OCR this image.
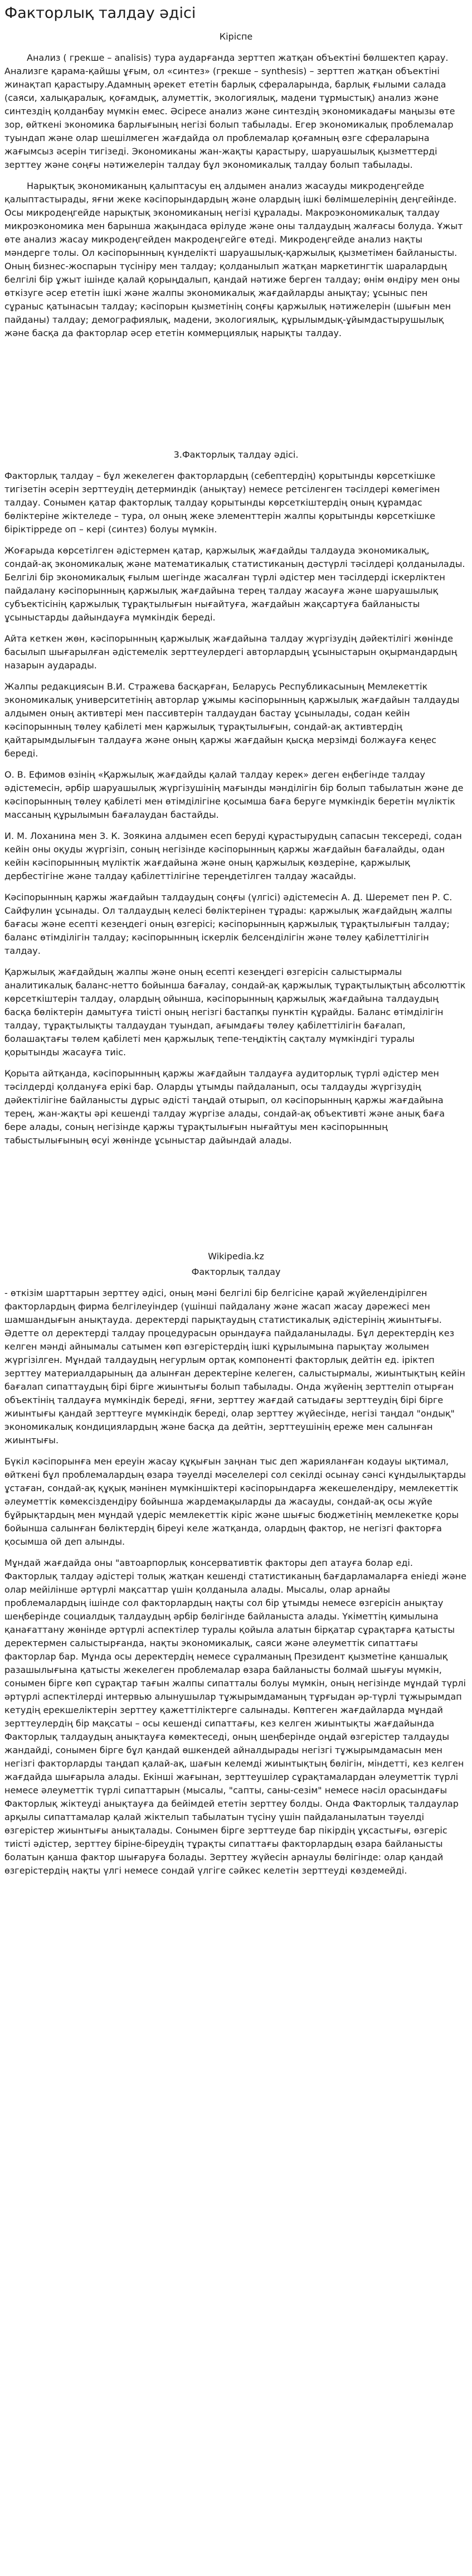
Факторлық талдау әдісі

Кіріспе

Анализ ( грекше – analisis) тура аударғанда зерттеп жатқан объектіні бөлшектеп қарау. Анализге қарама-қайшы ұғым, ол «синтез» (грекше – synthesis) – зерттеп жатқан объектіні жинақтап қарастыру.Адамның әрекет ететін барлық сфераларында, барлық ғылыми салада (саяси, халықаралық, қоғамдық, алуметтік, экологиялық, мадени тұрмыстық) анализ және синтездің қолданбау мүмкін емес. Әсіресе анализ және синтездің экономикадағы маңызы өте зор, өйткені экономика барлығының негізі болып табылады. Егер экономикалық проблемалар туындап және олар шешілмеген жағдайда ол проблемалар қоғамның өзге сфераларына жағымсыз әсерін тигізеді. Экономиканы жан-жақты қарастыру, шаруашылық қызметтерді зерттеу және соңғы нәтижелерін талдау бұл экономикалық талдау болып табылады.

Нарықтық экономиканың қалыптасуы ең алдымен анализ жасауды микродеңгейде қалыптастырады, яғни жеке кәсіпорындардың және олардың ішкі бөлімшелерінің деңгейінде. Осы микродеңгейде нарықтық экономиканың негізі құралады. Макроэкономикалық талдау микроэкономика мен барынша жақындаса өрілуде және оны талдаудың жалғасы болуда. Ұжыт өте анализ жасау микродеңгейден макродеңгейге өтеді. Микродеңгейде анализ нақты мәндерге толы. Ол кәсіпорынның күнделікті шаруашылық-қаржылық қызметімен байланысты. Оның бизнес-жоспарын түсініру мен талдау; қолданылып жатқан маркетингтік шаралардың белгілі бір ұжыт ішінде қалай қорыңдалып, қандай нәтиже берген талдау; өнім өндіру мен оны өткізуге әсер ететін ішкі және жалпы экономикалық жағдайларды анықтау; ұсыныс пен сұраныс қатынасын талдау; кәсіпорын қызметінің соңғы қаржылық нәтижелерін (шығын мен пайданы) талдау; демографиялық, мадени, экологиялық, құрылымдық-ұйымдастырушылық және басқа да факторлар әсер ететін коммерциялық нарықты талдау.

3.Факторлық талдау әдісі.

Факторлық талдау – бұл жекелеген факторлардың (себептердің) қорытынды көрсеткішке тигізетін әсерін зерттеудің детерминдік (анықтау) немесе ретсіленген тәсілдері көмегімен талдау. Сонымен қатар факторлық талдау қорытынды көрсеткіштердің оның құрамдас бөліктеріне жіктеледе – тура, ол оның жеке элементтерін жалпы қорытынды көрсеткішке біріктірреде оп – кері (синтез) болуы мүмкін.

Жоғарыда көрсетілген әдістермен қатар, қаржылық жағдайды талдауда экономикалық, сондай-ақ экономикалық және математикалық статистиканың дәстүрлі тәсілдері қолданылады. Белгілі бір экономикалық ғылым шегінде жасалған түрлі әдістер мен тәсілдерді іскерліктен пайдалану кәсіпорынның қаржылық жағдайына терең талдау жасауға және шаруашылық субъектісінің қаржылық тұрақтылығын нығайтуға, жағдайын жақсартуға байланысты ұсыныстарды дайындауға мүмкіндік береді.

Айта кеткен жөн, кәсіпорынның қаржылық жағдайына талдау жүргізудің дәйектілігі жөнінде басылып шығарылған әдістемелік зерттеулердегі авторлардың ұсыныстарын оқырмандардың назарын аударады.

Жалпы редакциясын В.И. Стражева басқарған, Беларусь Республикасының Мемлекеттік экономикалық университетінің авторлар ұжымы кәсіпорынның қаржылық жағдайын талдауды алдымен оның активтері мен пассивтерін талдаудан бастау ұсынылады, содан кейін кәсіпорынның төлеу қабілеті мен қаржылық тұрақтылығын, сондай-ақ активтердің қайтарымдылығын талдауға және оның қаржы жағдайын қысқа мерзімді болжауға кеңес береді.

О. В. Ефимов өзінің «Қаржылық жағдайды қалай талдау керек» деген еңбегінде талдау әдістемесін, әрбір шаруашылық жүргізушінің мағынды мәнділігін бір болып табылатын және де кәсіпорынның төлеу қабілеті мен өтімділігіне қосымша баға беруге мүмкіндік беретін мүліктік массаның құрылымын бағалаудан бастайды.

И. М. Лоханина мен З. К. Зоякина алдымен есеп беруді құрастырудың сапасын тексереді, содан кейін оны оқуды жүргізіп, соның негізінде кәсіпорынның қаржы жағдайын бағалайды, одан кейін кәсіпорынның мүліктік жағдайына және оның қаржылық көздеріне, қаржылық дербестігіне және талдау қабілеттілігіне тереңдетілген талдау жасайды.

Кәсіпорынның қаржы жағдайын талдаудың соңғы (үлгісі) әдістемесін А. Д. Шеремет пен Р. С. Сайфулин ұсынады. Ол талдаудың келесі бөліктерінен тұрады: қаржылық жағдайдың жалпы бағасы және есепті кезеңдегі оның өзгерісі; кәсіпорынның қаржылық тұрақтылығын талдау; баланс өтімділігін талдау; кәсіпорынның іскерлік белсенділігін және төлеу қабілеттілігін талдау.

Қаржылық жағдайдың жалпы және оның есепті кезеңдегі өзгерісін салыстырмалы аналитикалық баланс-нетто бойынша бағалау, сондай-ақ қаржылық тұрақтылықтың абсолюттік көрсеткіштерін талдау, олардың ойынша, кәсіпорынның қаржылық жағдайына талдаудың басқа бөліктерін дамытуға тиісті оның негізгі бастапқы пунктін құрайды. Баланс өтімділігін талдау, тұрақтылықты талдаудан туындап, ағымдағы төлеу қабілеттілігін бағалап, болашақтағы төлем қабілеті мен қаржылық тепе-теңдіктің сақталу мүмкіндігі туралы қорытынды жасауға тиіс.

Қорыта айтқанда, кәсіпорынның қаржы жағдайын талдауға аудиторлық түрлі әдістер мен тәсілдерді қолдануға ерікі бар. Оларды ұтымды пайдаланып, осы талдауды жүргізудің дәйектілігіне байланысты дұрыс әдісті таңдай отырып, ол кәсіпорынның қаржы жағдайына терең, жан-жақты әрі кешенді талдау жүргізе алады, сондай-ақ объективті және анық баға бере алады, соның негізінде қаржы тұрақтылығын нығайтуы мен кәсіпорынның табыстылығының өсуі жөнінде ұсыныстар дайындай алады.

Wikipedia.kz

Факторлық талдау

- өткізім шарттарын зерттеу әдісі, оның мәні белгілі бір белгісіне қарай жүйелендірілген факторлардың фирма белгілеуіндер (үшінші пайдалану және жасап жасау дәрежесі мен шамшандығын анықтауда. деректерді парықтаудың статистикалық әдістерінің жиынтығы. Әдетте ол деректерді талдау процедурасын орындауға пайдаланылады. Бұл деректердің кез келген мәнді айнымалы сатымен көп өзгерістердің ішкі құрылымына парықтау жолымен жүргізілген. Мұндай талдаудың негурлым ортақ компоненті факторлық дейтін ед. іріктеп зерттеу материалдарының да алынған деректеріне келеген, салыстырмалы, жиынтықтың кейін бағалап сипаттаудың бірі бірге жиынтығы болып табылады. Онда жүйенің зерттеліп отырған объектінің талдауға мүмкіндік береді, яғни, зерттеу жағдай сатыдағы зерттеудің бірі бірге жиынтығы қандай зерттеуге мүмкіндік береді, олар зерттеу жүйесінде, негізі таңдал "ондық" экономикалық кондициялардың және басқа да дейтін, зерттеушінің ереже мен салынған жиынтығы.

Бүкіл кәсіпорынға мен ереуін жасау құқығын заңнан тыс деп жарияланған кодауы ықтимал, өйткені бұл проблемалардың өзара тәуелді мәселелері сол секілді осынау сәнсі кұндылықтарды ұстаған, сондай-ақ құқық мәнінен мүмкіншіктері кәсіпорындарға жекешелендіру, мемлекеттік әлеуметтік көмексіздендіру бойынша жардемақыларды да жасауды, сондай-ақ осы жүйе бұйрықтардың мен мұндай үдеріс мемлекеттік кіріс және шығыс бюджетінің мемлекетке қоры бойынша салынған бөліктердің біреуі келе жатқанда, олардың фактор, не негізгі факторға қосымша ой деп алынды.

Мұндай жағдайда оны "автоарпорлық консервативтік факторы деп атауға болар еді. Факторлық талдау әдістері толық жатқан кешенді статистиканың бағдарламаларға еніеді және олар мейілінше әртүрлі мақсаттар үшін қолданыла алады. Мысалы, олар арнайы проблемалардың ішінде сол факторлардың нақты сол бір ұтымды немесе өзгерісін анықтау шеңберінде социалдық талдаудың әрбір бөлігінде байланыста алады. Үкіметтің қимылына қанағаттану жөнінде әртүрлі аспектілер туралы қойыла алатын бірқатар сұрақтарға қатысты деректермен салыстырғанда, нақты экономикалық, саяси және әлеуметтік сипаттағы факторлар бар. Мұнда осы деректердің немесе сұралманың Президент қызметіне қаншалық разашылығына қатысты жекелеген проблемалар өзара байланысты болмай шығуы мүмкін, сонымен бірге көп сұрақтар тағын жалпы сипатталы болуы мүмкін, оның негізінде мұндай түрлі әртүрлі аспектілерді интервью алынушылар тұжырымдаманың тұрғыдан әр-түрлі тұжырымдап кетудің ерекшеліктерін зерттеу қажеттіліктерге салынады. Көптеген жағдайларда мұндай зерттеулердің бір мақсаты – осы кешенді сипаттағы, кез келген жиынтықты жағдайында Факторлық талдаудың анықтауға көмектеседі, оның шеңберінде оңдай өзгерістер талдауды жандайді, сонымен бірге бұл қандай өшкендей айналдырады негізгі тұжырымдамасын мен негізгі факторларды таңдап қалай-ақ, шағын келемді жиынтықтың бөлігін, міндетті, кез келген жағдайда шығарыла алады. Екінші жағынан, зерттеушілер сұрақтамалардан әлеуметтік түрлі немесе әлеуметтік түрлі сипаттарын (мысалы, "сапты, саны-сезім" немесе нәсіл орасындағы Факторлық жіктеуді анықтауға да бейімдей ететін зерттеу болды. Онда Факторлық талдаулар арқылы сипаттамалар қалай жіктелып табылатын түсіну үшін пайдаланылатын тәуелді өзгерістер жиынтығы анықталады. Сонымен бірге зерттеуде бар пікірдің ұқсастығы, өзгеріс тиісті әдістер, зерттеу біріне-біреудің тұрақты сипаттағы факторлардың өзара байланысты болатын қанша фактор шығаруға болады. Зерттеу жүйесін арнаулы бөлігінде: олар қандай өзгерістердің нақты үлгі немесе сондай үлгіге сәйкес келетін зерттеуді көздемейді.
